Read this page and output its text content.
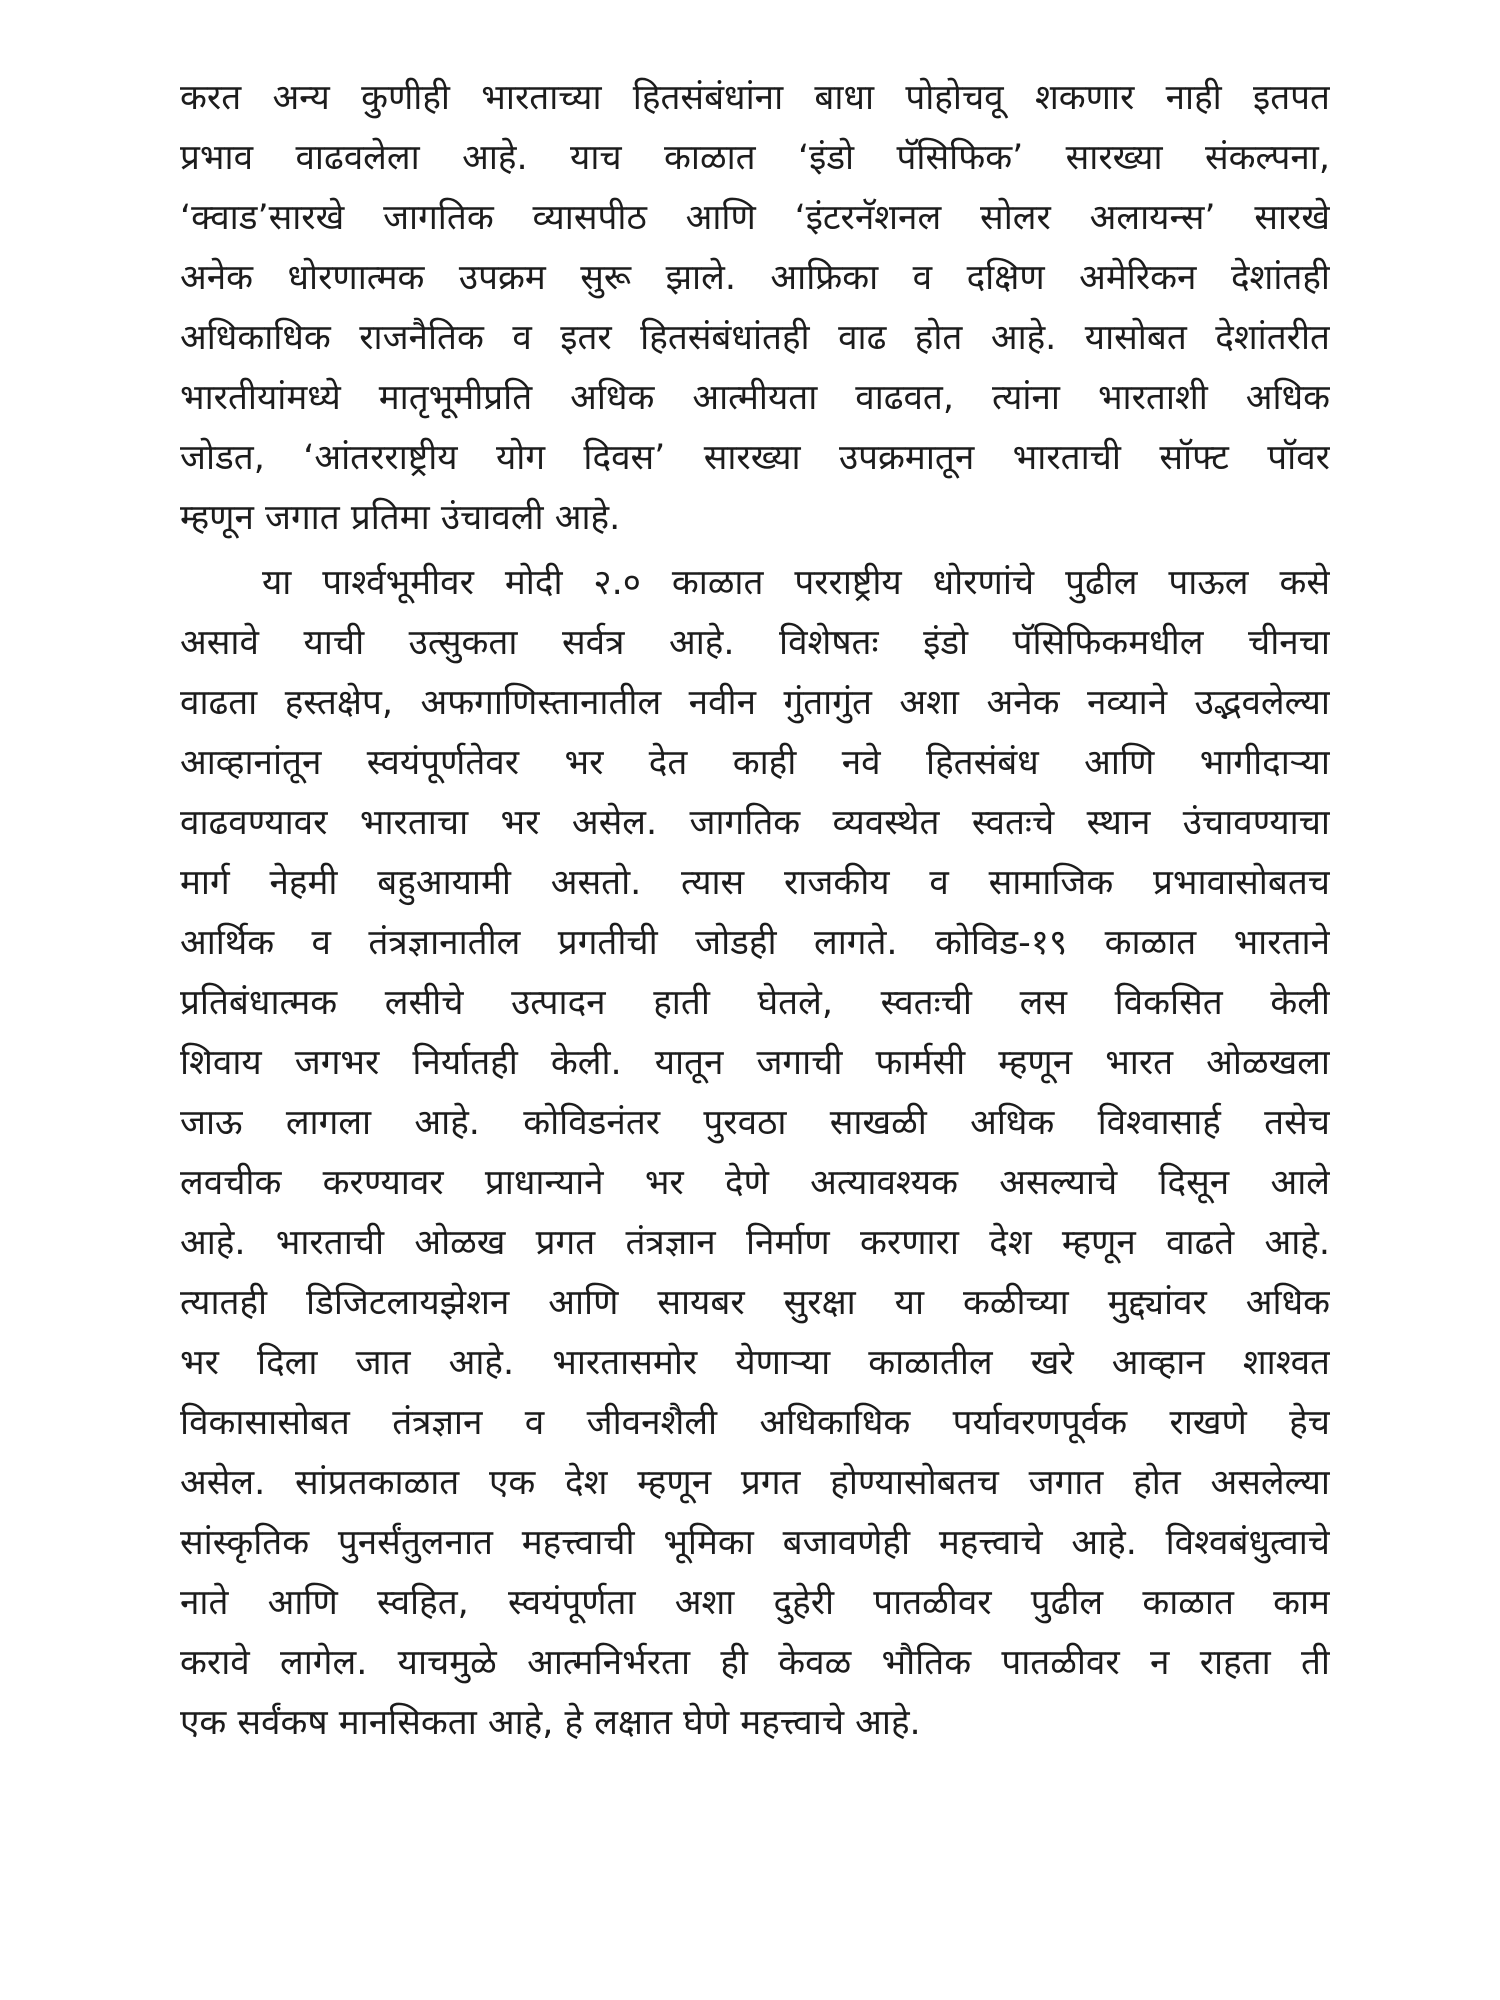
करत अन्य कुणीही भारताच्या हितसंबंधांना बाधा पोहोचवू शकणार नाही इतपत
प्रभाव वाढवलेला आहे. याच काळात ‘इंडो पॅसिफिक’ सारख्या संकल्पना,
‘क्वाड’सारखे जागतिक व्यासपीठ आणि ‘इंटरनॅशनल सोलर अलायन्स’ सारखे
अनेक धोरणात्मक उपक्रम सुरू झाले. आफ्रिका व दक्षिण अमेरिकन देशांतही
अधिकाधिक राजनैतिक व इतर हितसंबंधांतही वाढ होत आहे. यासोबत देशांतरीत
भारतीयांमध्ये मातृभूमीप्रति अधिक आत्मीयता वाढवत, त्यांना भारताशी अधिक
जोडत, ‘आंतरराष्ट्रीय योग दिवस’ सारख्या उपक्रमातून भारताची सॉफ्ट पॉवर
म्हणून जगात प्रतिमा उंचावली आहे.
या पार्श्वभूमीवर मोदी २.० काळात परराष्ट्रीय धोरणांचे पुढील पाऊल कसे
असावे याची उत्सुकता सर्वत्र आहे. विशेषतः इंडो पॅसिफिकमधील चीनचा
वाढता हस्तक्षेप, अफगाणिस्तानातील नवीन गुंतागुंत अशा अनेक नव्याने उद्भवलेल्या
आव्हानांतून स्वयंपूर्णतेवर भर देत काही नवे हितसंबंध आणि भागीदाऱ्या
वाढवण्यावर भारताचा भर असेल. जागतिक व्यवस्थेत स्वतःचे स्थान उंचावण्याचा
मार्ग नेहमी बहुआयामी असतो. त्यास राजकीय व सामाजिक प्रभावासोबतच
आर्थिक व तंत्रज्ञानातील प्रगतीची जोडही लागते. कोविड-१९ काळात भारताने
प्रतिबंधात्मक लसीचे उत्पादन हाती घेतले, स्वतःची लस विकसित केली
शिवाय जगभर निर्यातही केली. यातून जगाची फार्मसी म्हणून भारत ओळखला
जाऊ लागला आहे. कोविडनंतर पुरवठा साखळी अधिक विश्वासार्ह तसेच
लवचीक करण्यावर प्राधान्याने भर देणे अत्यावश्यक असल्याचे दिसून आले
आहे. भारताची ओळख प्रगत तंत्रज्ञान निर्माण करणारा देश म्हणून वाढते आहे.
त्यातही डिजिटलायझेशन आणि सायबर सुरक्षा या कळीच्या मुद्द्यांवर अधिक
भर दिला जात आहे. भारतासमोर येणाऱ्या काळातील खरे आव्हान शाश्वत
विकासासोबत तंत्रज्ञान व जीवनशैली अधिकाधिक पर्यावरणपूर्वक राखणे हेच
असेल. सांप्रतकाळात एक देश म्हणून प्रगत होण्यासोबतच जगात होत असलेल्या
सांस्कृतिक पुनर्संतुलनात महत्त्वाची भूमिका बजावणेही महत्त्वाचे आहे. विश्वबंधुत्वाचे
नाते आणि स्वहित, स्वयंपूर्णता अशा दुहेरी पातळीवर पुढील काळात काम
करावे लागेल. याचमुळे आत्मनिर्भरता ही केवळ भौतिक पातळीवर न राहता ती
एक सर्वंकष मानसिकता आहे, हे लक्षात घेणे महत्त्वाचे आहे.
